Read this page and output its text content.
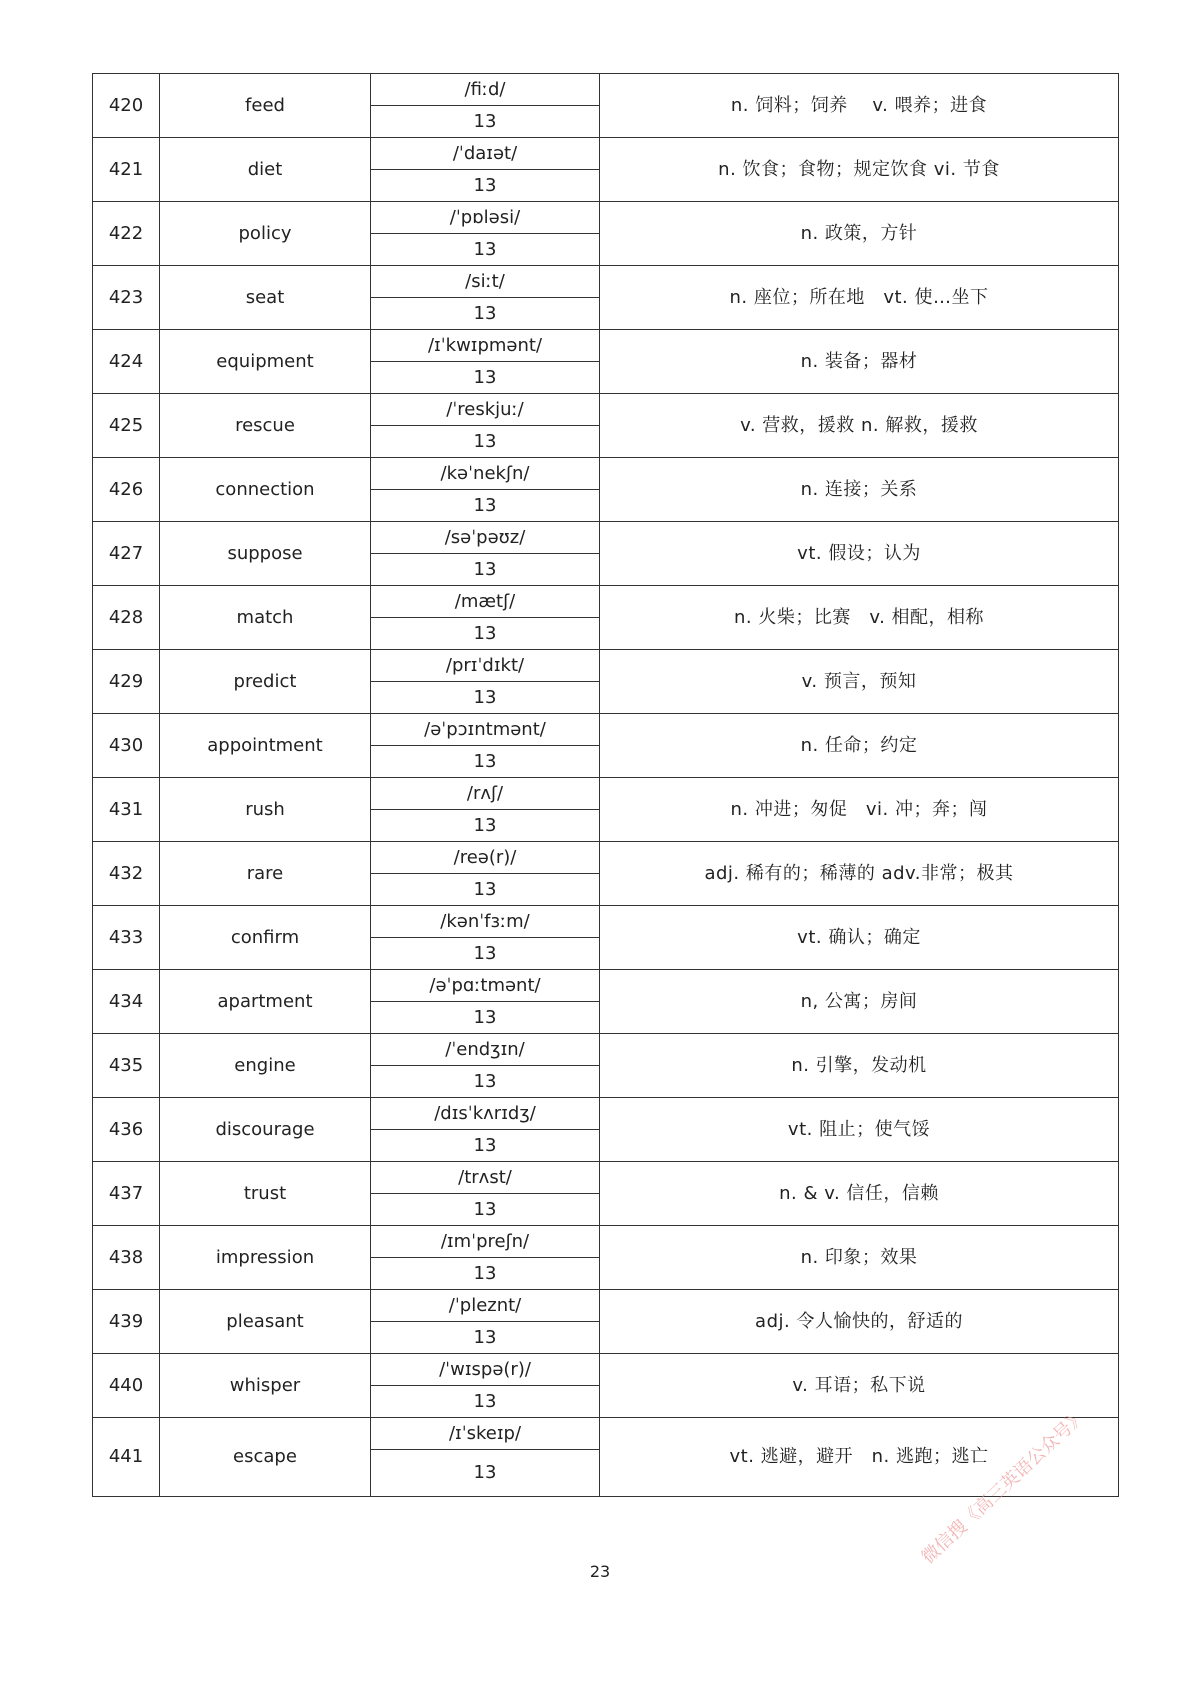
420	feed	/fiːd/	n. 饲料；饲养　 v. 喂养；进食
		13	
421	diet	/ˈdaɪət/	n. 饮食；食物；规定饮食 vi. 节食
		13	
422	policy	/ˈpɒləsi/	n. 政策，方针
		13	
423	seat	/siːt/	n. 座位；所在地　vt. 使…坐下
		13	
424	equipment	/ɪˈkwɪpmənt/	n. 装备；器材
		13	
425	rescue	/ˈreskjuː/	v. 营救，援救 n. 解救，援救
		13	
426	connection	/kəˈnekʃn/	n. 连接；关系
		13	
427	suppose	/səˈpəʊz/	vt. 假设；认为
		13	
428	match	/mætʃ/	n. 火柴；比赛　v. 相配，相称
		13	
429	predict	/prɪˈdɪkt/	v. 预言，预知
		13	
430	appointment	/əˈpɔɪntmənt/	n. 任命；约定
		13	
431	rush	/rʌʃ/	n. 冲进；匆促　vi. 冲；奔；闯
		13	
432	rare	/reə(r)/	adj. 稀有的；稀薄的 adv.非常；极其
		13	
433	confirm	/kənˈfɜːm/	vt. 确认；确定
		13	
434	apartment	/əˈpɑːtmənt/	n, 公寓；房间
		13	
435	engine	/ˈendʒɪn/	n. 引擎，发动机
		13	
436	discourage	/dɪsˈkʌrɪdʒ/	vt. 阻止；使气馁
		13	
437	trust	/trʌst/	n. & v. 信任，信赖
		13	
438	impression	/ɪmˈpreʃn/	n. 印象；效果
		13	
439	pleasant	/ˈpleznt/	adj. 令人愉快的，舒适的
		13	
440	whisper	/ˈwɪspə(r)/	v. 耳语；私下说
		13	
441	escape	/ɪˈskeɪp/	vt. 逃避，避开　n. 逃跑；逃亡
		13	
23
微信搜《高三英语公众号》
